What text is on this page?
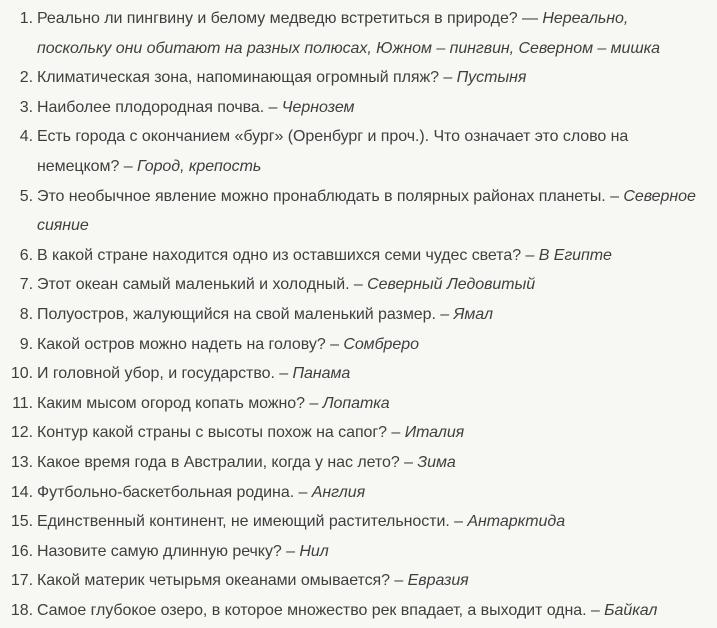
1. Реально ли пингвину и белому медведю встретиться в природе? — Нереально, поскольку они обитают на разных полюсах, Южном – пингвин, Северном – мишка
2. Климатическая зона, напоминающая огромный пляж? – Пустыня
3. Наиболее плодородная почва. – Чернозем
4. Есть города с окончанием «бург» (Оренбург и проч.). Что означает это слово на немецком? – Город, крепость
5. Это необычное явление можно пронаблюдать в полярных районах планеты. – Северное сияние
6. В какой стране находится одно из оставшихся семи чудес света? – В Египте
7. Этот океан самый маленький и холодный. – Северный Ледовитый
8. Полуостров, жалующийся на свой маленький размер. – Ямал
9. Какой остров можно надеть на голову? – Сомбреро
10. И головной убор, и государство. – Панама
11. Каким мысом огород копать можно? – Лопатка
12. Контур какой страны с высоты похож на сапог? – Италия
13. Какое время года в Австралии, когда у нас лето? – Зима
14. Футбольно-баскетбольная родина. – Англия
15. Единственный континент, не имеющий растительности. – Антарктида
16. Назовите самую длинную речку? – Нил
17. Какой материк четырьмя океанами омывается? – Евразия
18. Самое глубокое озеро, в которое множество рек впадает, а выходит одна. – Байкал
